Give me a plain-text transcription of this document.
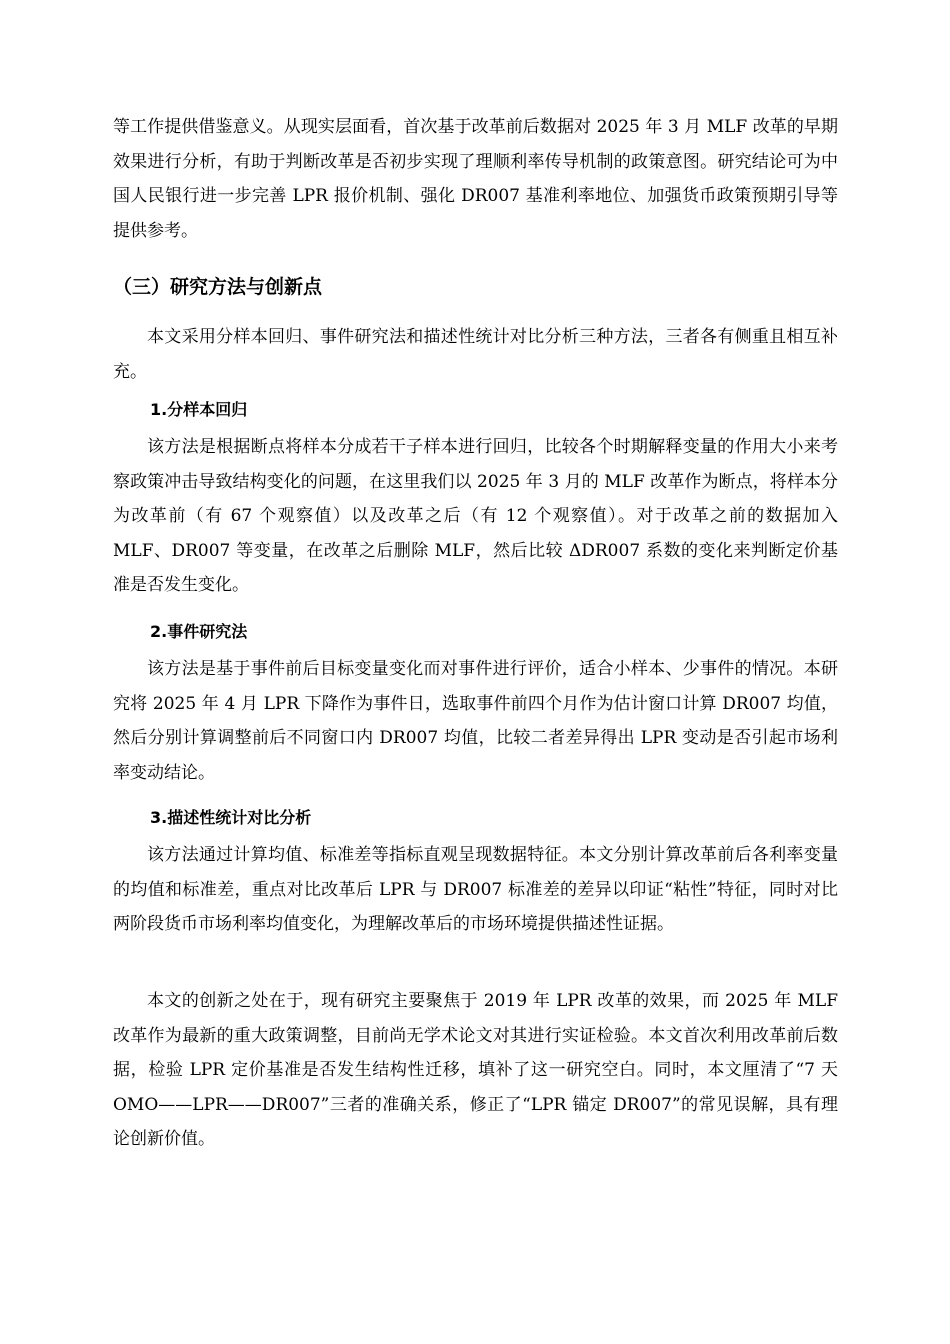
等工作提供借鉴意义。从现实层面看，首次基于改革前后数据对 2025 年 3 月 MLF 改革的早期效果进行分析，有助于判断改革是否初步实现了理顺利率传导机制的政策意图。研究结论可为中国人民银行进一步完善 LPR 报价机制、强化 DR007 基准利率地位、加强货币政策预期引导等提供参考。

（三）研究方法与创新点

本文采用分样本回归、事件研究法和描述性统计对比分析三种方法，三者各有侧重且相互补充。

1.分样本回归

该方法是根据断点将样本分成若干子样本进行回归，比较各个时期解释变量的作用大小来考察政策冲击导致结构变化的问题，在这里我们以 2025 年 3 月的 MLF 改革作为断点，将样本分为改革前（有 67 个观察值）以及改革之后（有 12 个观察值）。对于改革之前的数据加入 MLF、DR007 等变量，在改革之后删除 MLF，然后比较 ΔDR007 系数的变化来判断定价基准是否发生变化。

2.事件研究法

该方法是基于事件前后目标变量变化而对事件进行评价，适合小样本、少事件的情况。本研究将 2025 年 4 月 LPR 下降作为事件日，选取事件前四个月作为估计窗口计算 DR007 均值，然后分别计算调整前后不同窗口内 DR007 均值，比较二者差异得出 LPR 变动是否引起市场利率变动结论。

3.描述性统计对比分析

该方法通过计算均值、标准差等指标直观呈现数据特征。本文分别计算改革前后各利率变量的均值和标准差，重点对比改革后 LPR 与 DR007 标准差的差异以印证“粘性”特征，同时对比两阶段货币市场利率均值变化，为理解改革后的市场环境提供描述性证据。

本文的创新之处在于，现有研究主要聚焦于 2019 年 LPR 改革的效果，而 2025 年 MLF 改革作为最新的重大政策调整，目前尚无学术论文对其进行实证检验。本文首次利用改革前后数据，检验 LPR 定价基准是否发生结构性迁移，填补了这一研究空白。同时，本文厘清了“7 天 OMO——LPR——DR007”三者的准确关系，修正了“LPR 锚定 DR007”的常见误解，具有理论创新价值。
